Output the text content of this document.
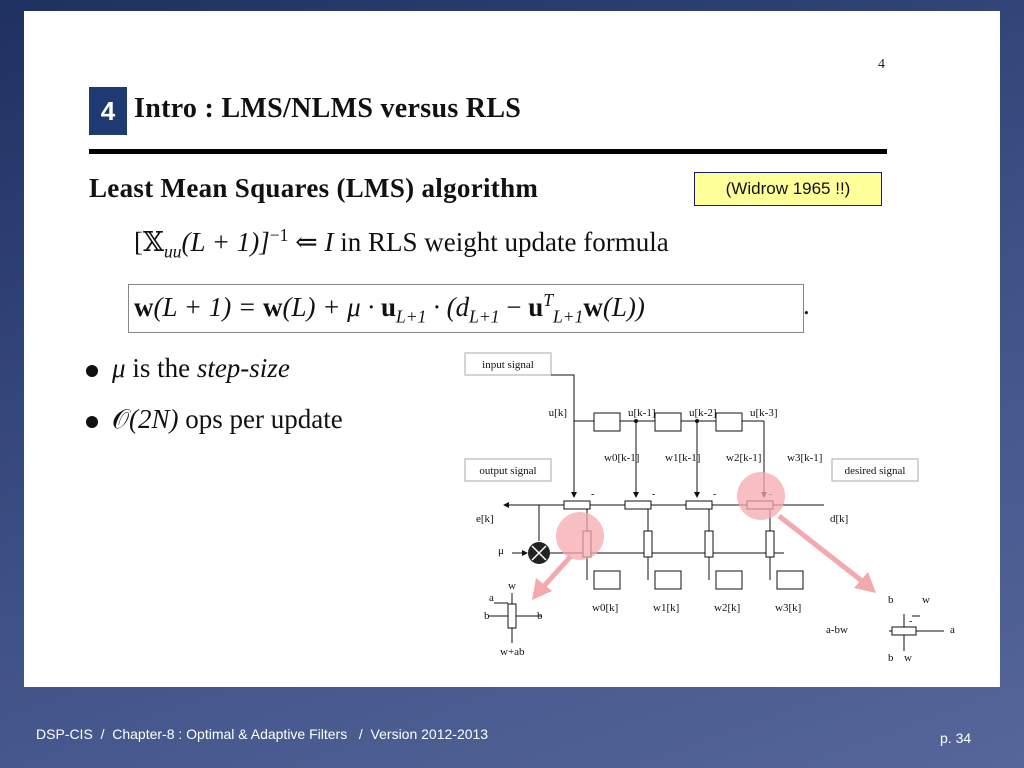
4
4 Intro : LMS/NLMS versus RLS
Least Mean Squares (LMS) algorithm	(Widrow 1965 !!)
[𝕏$_{uu}$(L + 1)]$^{-1}$ ⇐ I in RLS weight update formula
$w(L + 1) = w(L) + \mu \cdot u_{L+1} \cdot (d_{L+1} - u^T_{L+1}w(L))$	.
μ is the step-size
𝒪(2N) ops per update
input signal
output signal	desired signal
u[k]	u[k-1]	u[k-2]	u[k-3]
w0[k-1] w1[k-1] w2[k-1] w3[k-1]
-	-	-
e[k]	d[k]
μ
w0[k]	w1[k]	w2[k]	w3[k]
w
a
b	b
w+ab
b	w
-
a
a-bw
b w
DSP-CIS  /  Chapter-8 : Optimal & Adaptive Filters   /  Version 2012-2013	p. 34
